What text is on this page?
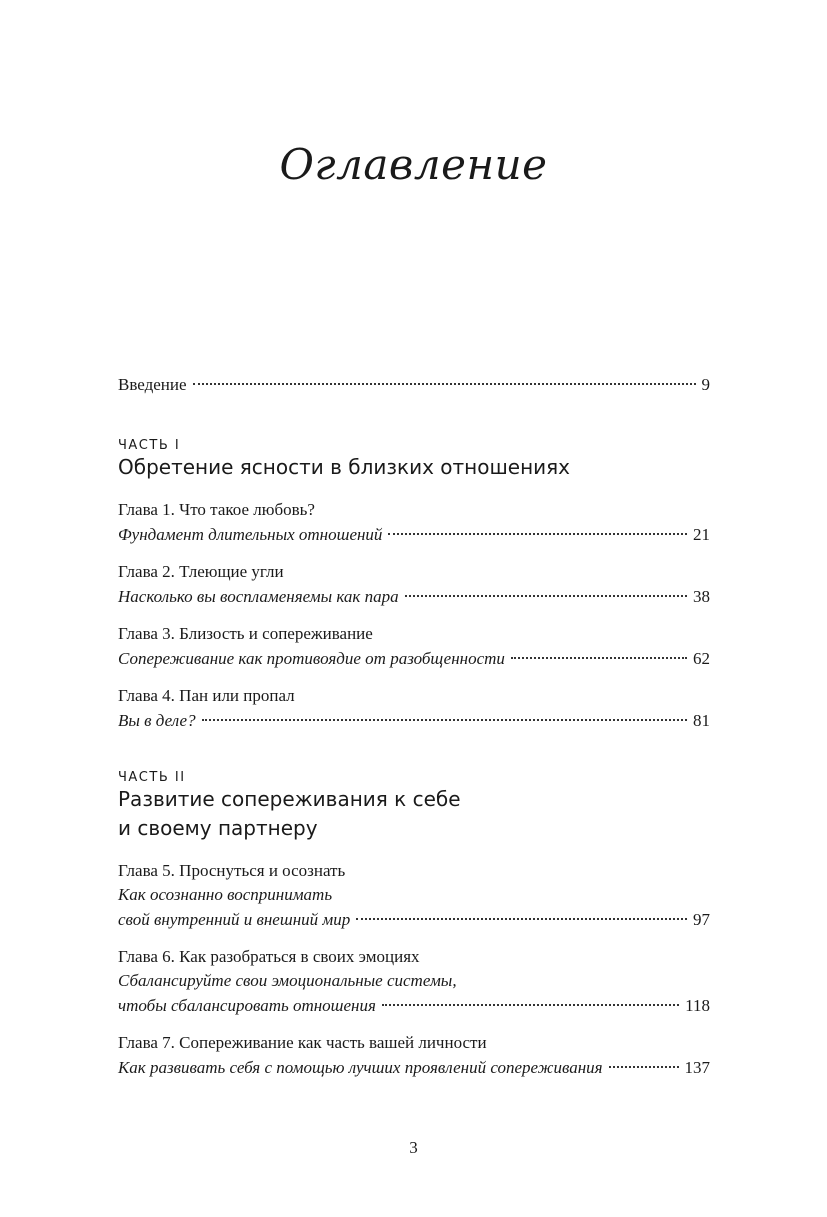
Оглавление
Введение	9
ЧАСТЬ I
Обретение ясности в близких отношениях
Глава 1. Что такое любовь?
Фундамент длительных отношений	21
Глава 2. Тлеющие угли
Насколько вы воспламеняемы как пара	38
Глава 3. Близость и сопереживание
Сопереживание как противоядие от разобщенности	62
Глава 4. Пан или пропал
Вы в деле?	81
ЧАСТЬ II
Развитие сопереживания к себе
и своему партнеру
Глава 5. Проснуться и осознать
Как осознанно воспринимать
свой внутренний и внешний мир	97
Глава 6. Как разобраться в своих эмоциях
Сбалансируйте свои эмоциональные системы,
чтобы сбалансировать отношения	118
Глава 7. Сопереживание как часть вашей личности
Как развивать себя с помощью лучших проявлений сопереживания	137
3
